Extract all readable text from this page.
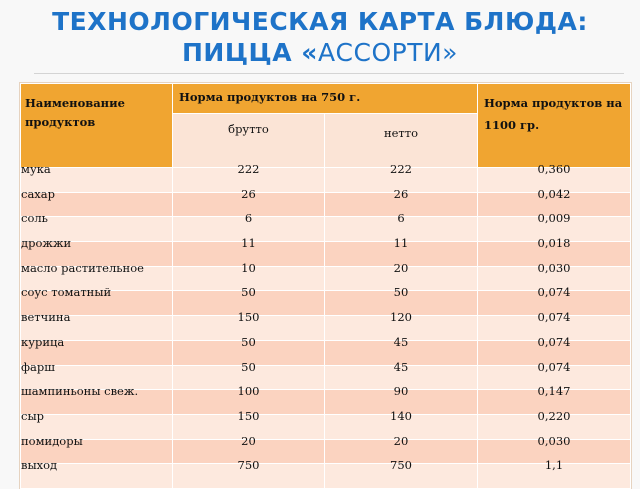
ТЕХНОЛОГИЧЕСКАЯ КАРТА БЛЮДА:
ПИЦЦА «АССОРТИ»
Наименование продуктов	Норма продуктов на 750 г.		Норма продуктов на 1100 гр.
	брутто	нетто	

мука	222	222	0,360

сахар	26	26	0,042

соль	6	6	0,009

дрожжи	11	11	0,018

масло растительное	10	20	0,030

соус томатный	50	50	0,074

ветчина	150	120	0,074

курица	50	45	0,074

фарш	50	45	0,074

шампиньоны свеж.	100	90	0,147

сыр	150	140	0,220

помидоры	20	20	0,030

выход	750	750	1,1
